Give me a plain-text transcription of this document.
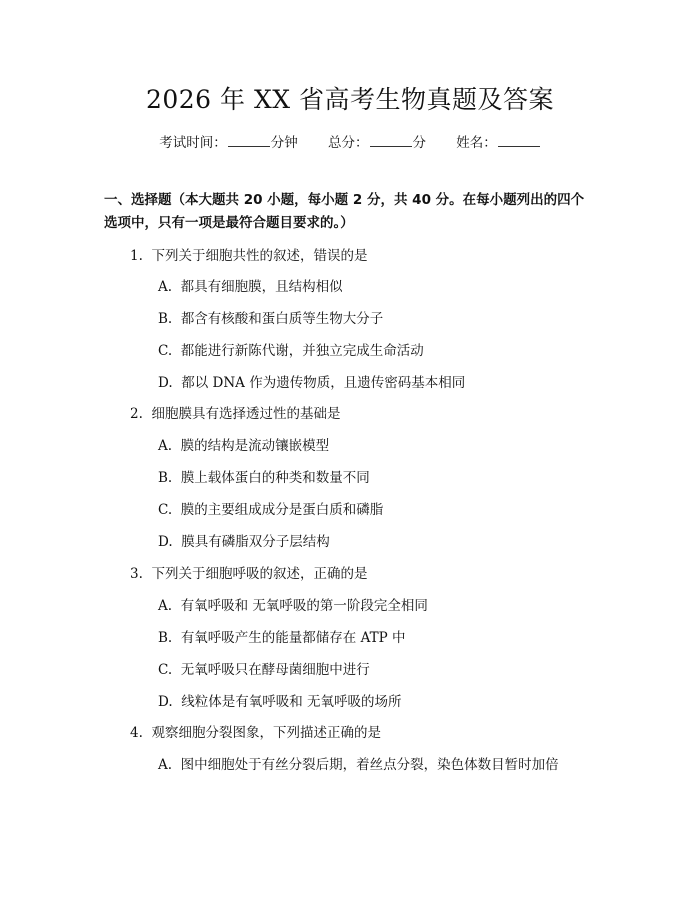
2026 年 XX 省高考生物真题及答案
考试时间：	分钟 总分：	分 姓名：
一、选择题（本大题共 20 小题，每小题 2 分，共 40 分。在每小题列出的四个选项中，只有一项是最符合题目要求的。）
1. 下列关于细胞共性的叙述，错误的是
A. 都具有细胞膜，且结构相似
B. 都含有核酸和蛋白质等生物大分子
C. 都能进行新陈代谢，并独立完成生命活动
D. 都以 DNA 作为遗传物质，且遗传密码基本相同
2. 细胞膜具有选择透过性的基础是
A. 膜的结构是流动镶嵌模型
B. 膜上载体蛋白的种类和数量不同
C. 膜的主要组成成分是蛋白质和磷脂
D. 膜具有磷脂双分子层结构
3. 下列关于细胞呼吸的叙述，正确的是
A. 有氧呼吸和 无氧呼吸的第一阶段完全相同
B. 有氧呼吸产生的能量都储存在 ATP 中
C. 无氧呼吸只在酵母菌细胞中进行
D. 线粒体是有氧呼吸和 无氧呼吸的场所
4. 观察细胞分裂图象，下列描述正确的是
A. 图中细胞处于有丝分裂后期，着丝点分裂，染色体数目暂时加倍
